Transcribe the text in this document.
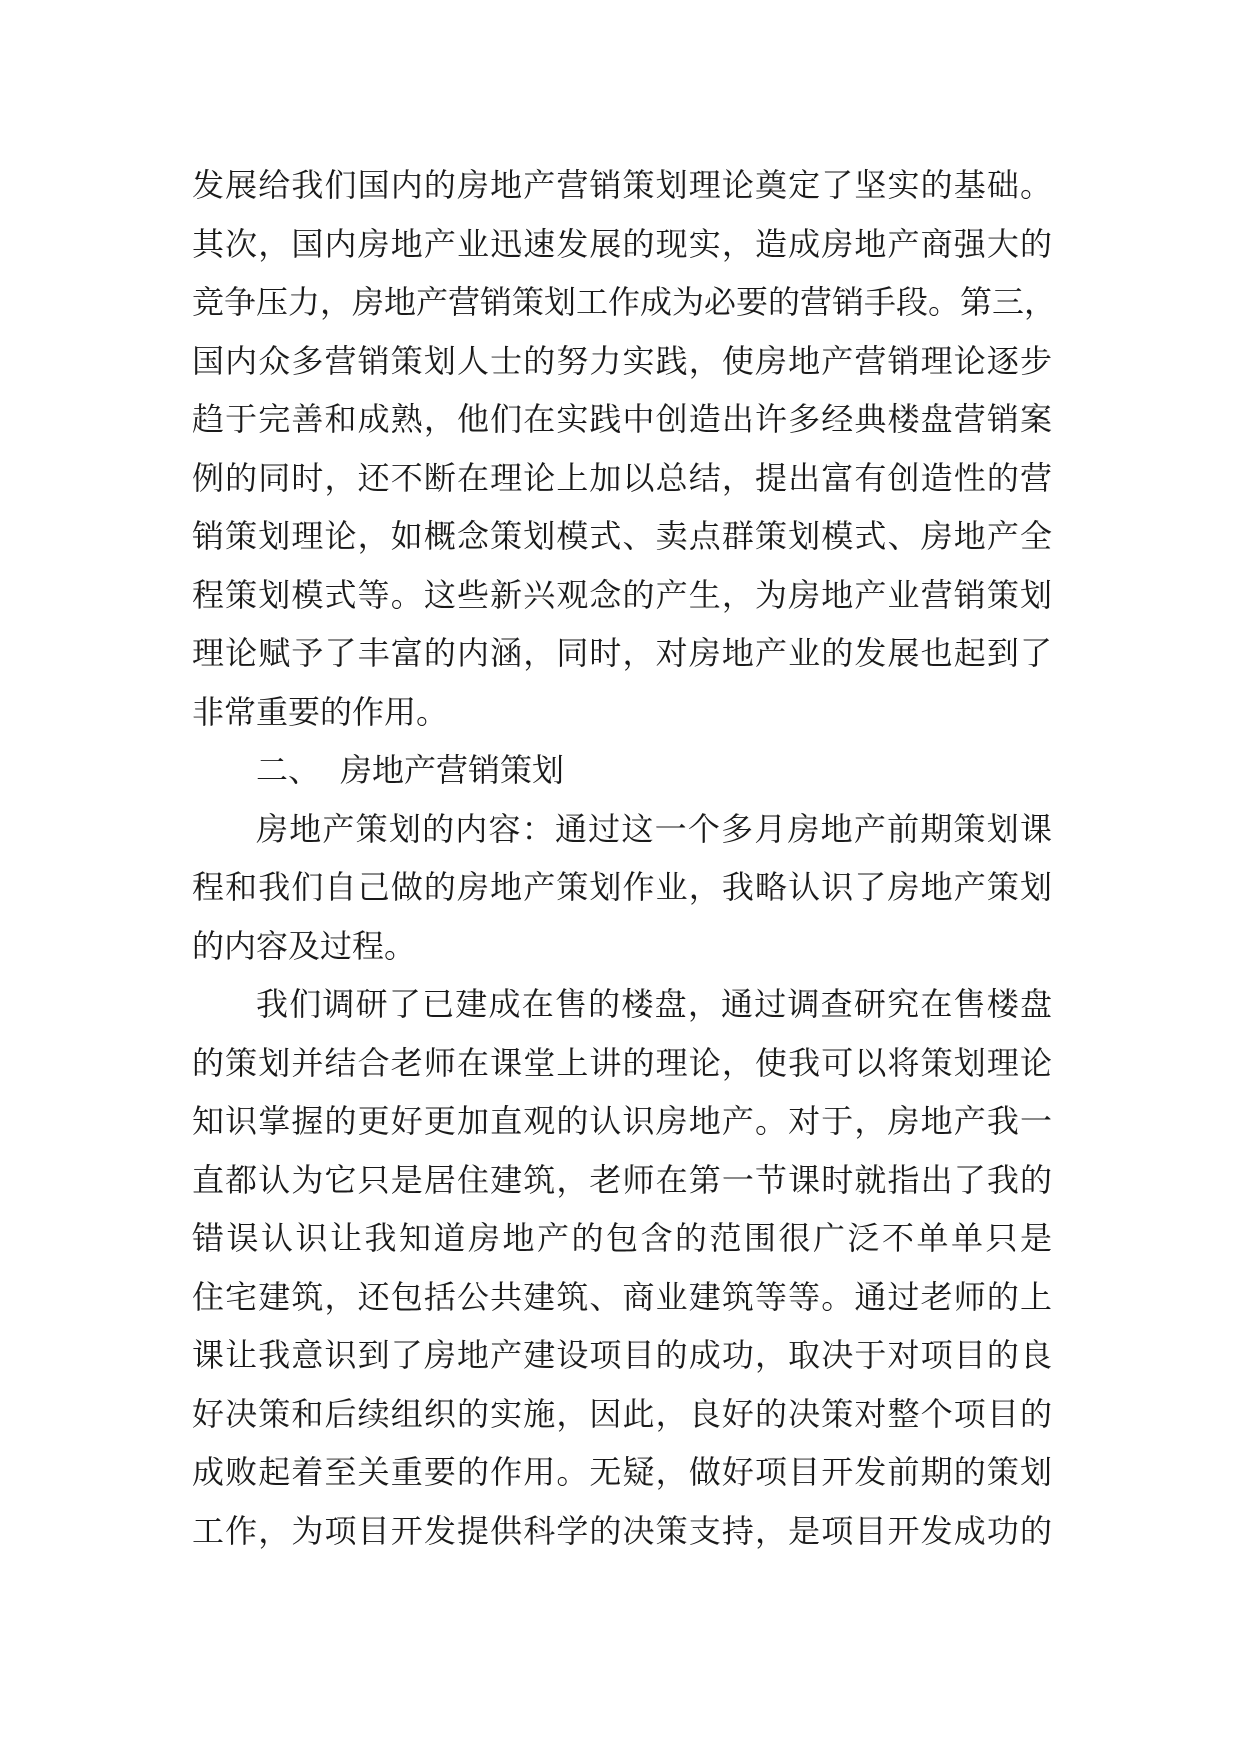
发展给我们国内的房地产营销策划理论奠定了坚实的基础。
其次，国内房地产业迅速发展的现实，造成房地产商强大的
竞争压力，房地产营销策划工作成为必要的营销手段。第三，
国内众多营销策划人士的努力实践，使房地产营销理论逐步
趋于完善和成熟，他们在实践中创造出许多经典楼盘营销案
例的同时，还不断在理论上加以总结，提出富有创造性的营
销策划理论，如概念策划模式、卖点群策划模式、房地产全
程策划模式等。这些新兴观念的产生，为房地产业营销策划
理论赋予了丰富的内涵，同时，对房地产业的发展也起到了
非常重要的作用。
二、 房地产营销策划
房地产策划的内容：通过这一个多月房地产前期策划课
程和我们自己做的房地产策划作业，我略认识了房地产策划
的内容及过程。
我们调研了已建成在售的楼盘，通过调查研究在售楼盘
的策划并结合老师在课堂上讲的理论，使我可以将策划理论
知识掌握的更好更加直观的认识房地产。对于，房地产我一
直都认为它只是居住建筑，老师在第一节课时就指出了我的
错误认识让我知道房地产的包含的范围很广泛不单单只是
住宅建筑，还包括公共建筑、商业建筑等等。通过老师的上
课让我意识到了房地产建设项目的成功，取决于对项目的良
好决策和后续组织的实施，因此，良好的决策对整个项目的
成败起着至关重要的作用。无疑，做好项目开发前期的策划
工作，为项目开发提供科学的决策支持，是项目开发成功的
